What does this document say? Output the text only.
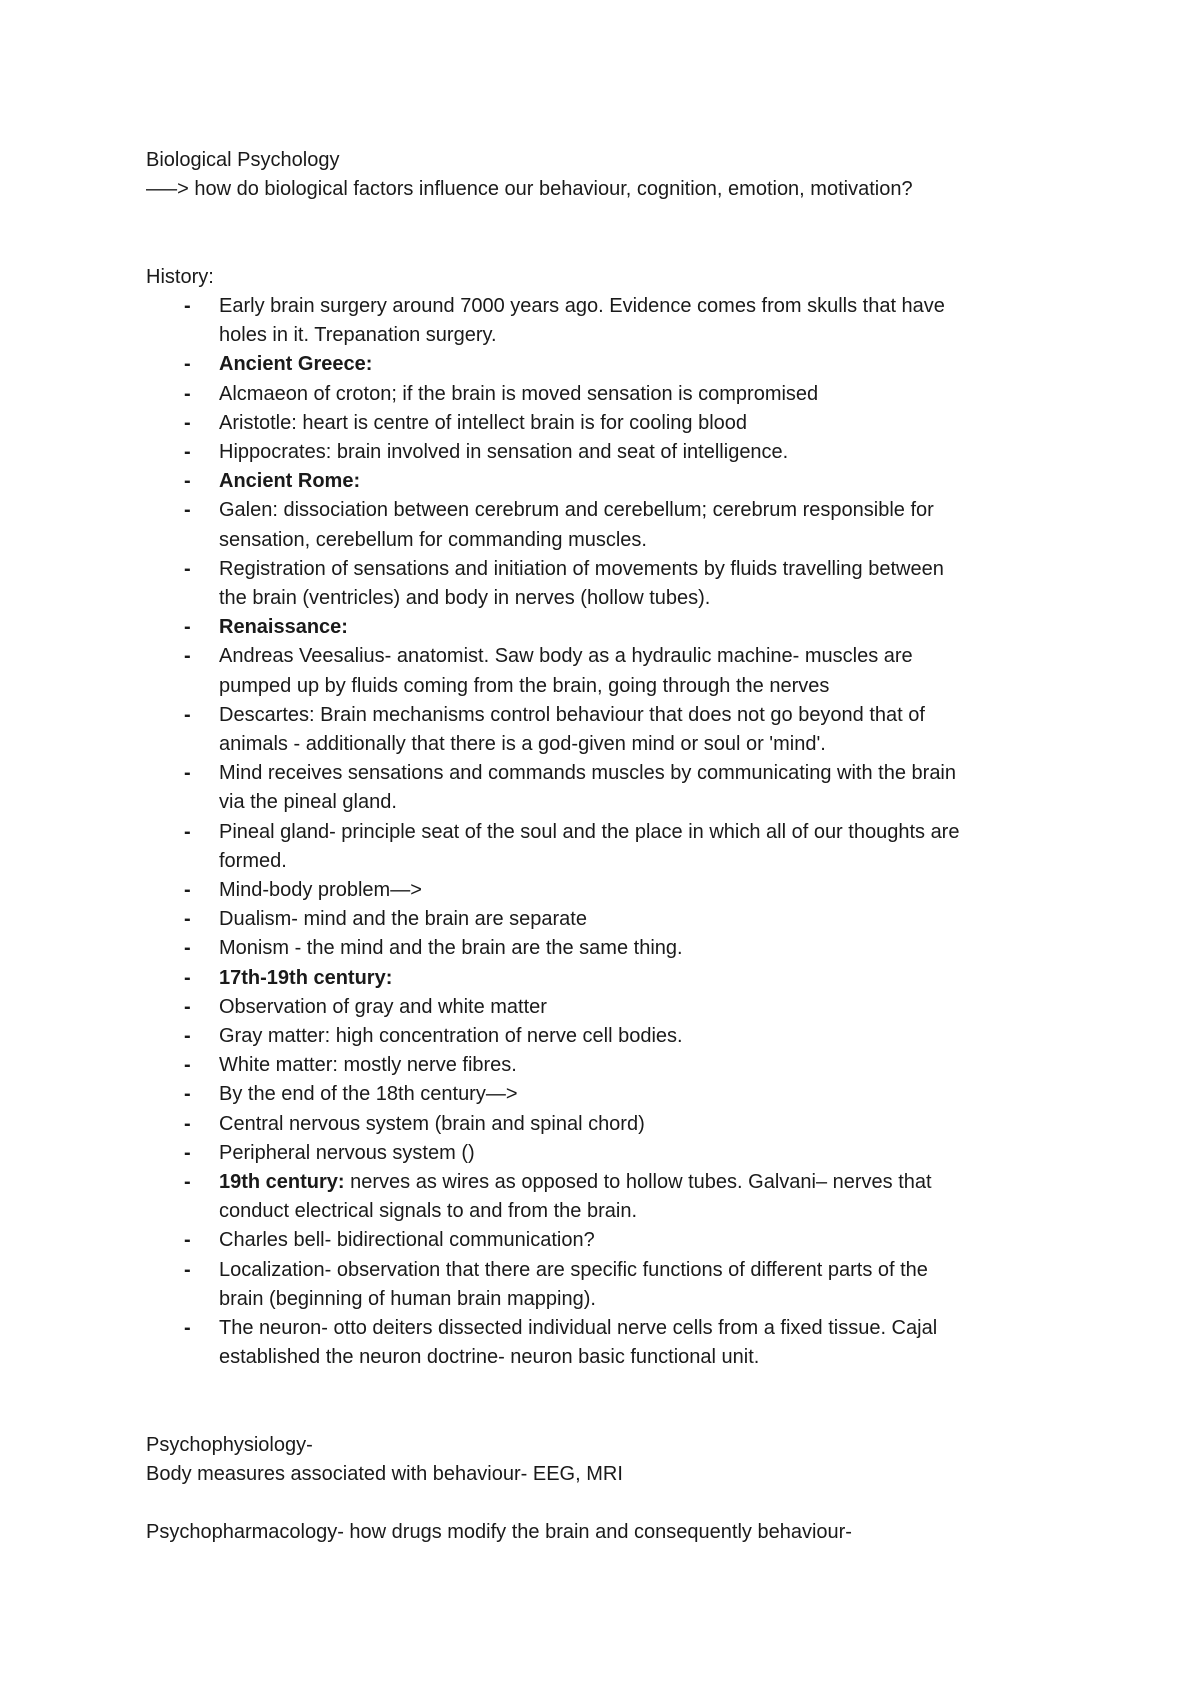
Biological Psychology

—–> how do biological factors influence our behaviour, cognition, emotion, motivation?

History:

- Early brain surgery around 7000 years ago. Evidence comes from skulls that have
holes in it. Trepanation surgery.
- Ancient Greece:
- Alcmaeon of croton; if the brain is moved sensation is compromised
- Aristotle: heart is centre of intellect brain is for cooling blood
- Hippocrates: brain involved in sensation and seat of intelligence.
- Ancient Rome:
- Galen: dissociation between cerebrum and cerebellum; cerebrum responsible for
sensation, cerebellum for commanding muscles.
- Registration of sensations and initiation of movements by fluids travelling between
the brain (ventricles) and body in nerves (hollow tubes).
- Renaissance:
- Andreas Veesalius- anatomist. Saw body as a hydraulic machine- muscles are
pumped up by fluids coming from the brain, going through the nerves
- Descartes: Brain mechanisms control behaviour that does not go beyond that of
animals - additionally that there is a god-given mind or soul or 'mind'.
- Mind receives sensations and commands muscles by communicating with the brain
via the pineal gland.
- Pineal gland- principle seat of the soul and the place in which all of our thoughts are
formed.
- Mind-body problem—>
- Dualism- mind and the brain are separate
- Monism - the mind and the brain are the same thing.
- 17th-19th century:
- Observation of gray and white matter
- Gray matter: high concentration of nerve cell bodies.
- White matter: mostly nerve fibres.
- By the end of the 18th century—>
- Central nervous system (brain and spinal chord)
- Peripheral nervous system ()
- 19th century: nerves as wires as opposed to hollow tubes. Galvani– nerves that
conduct electrical signals to and from the brain.
- Charles bell- bidirectional communication?
- Localization- observation that there are specific functions of different parts of the
brain (beginning of human brain mapping).
- The neuron- otto deiters dissected individual nerve cells from a fixed tissue. Cajal
established the neuron doctrine- neuron basic functional unit.

Psychophysiology-

Body measures associated with behaviour- EEG, MRI

Psychopharmacology- how drugs modify the brain and consequently behaviour-
